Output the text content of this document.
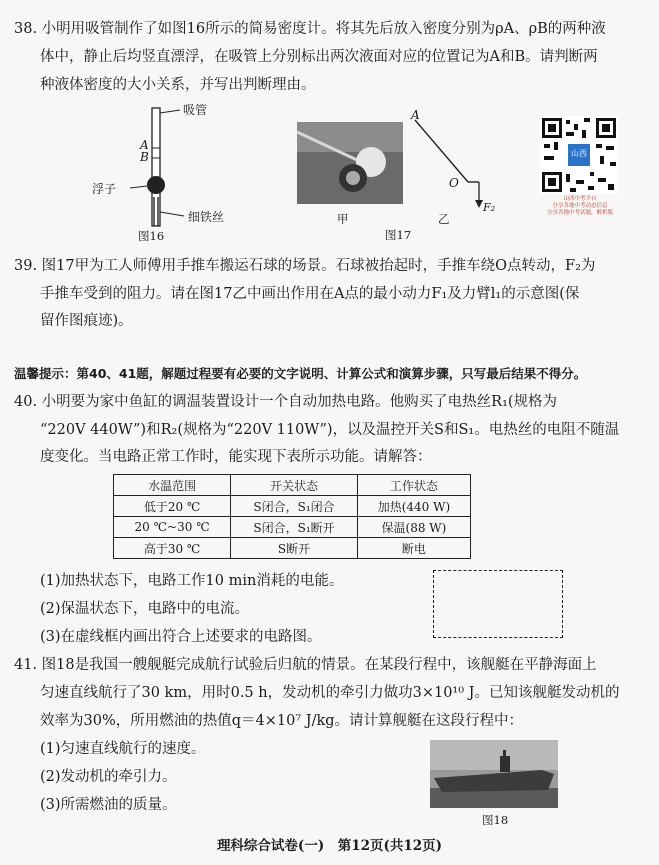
38. 小明用吸管制作了如图16所示的简易密度计。将其先后放入密度分别为ρA、ρB的两种液
体中，静止后均竖直漂浮，在吸管上分别标出两次液面对应的位置记为A和B。请判断两
种液体密度的大小关系，并写出判断理由。
吸管
A
B
浮子
细铁丝
图16
甲
A
O
F₂
乙
图17
山西
山西中考平台
分享各地中考动态信息
分享各地中考试题，解析版
39. 图17甲为工人师傅用手推车搬运石球的场景。石球被抬起时，手推车绕O点转动，F₂为
手推车受到的阻力。请在图17乙中画出作用在A点的最小动力F₁及力臂l₁的示意图(保
留作图痕迹)。
温馨提示：第40、41题，解题过程要有必要的文字说明、计算公式和演算步骤，只写最后结果不得分。
40. 小明要为家中鱼缸的调温装置设计一个自动加热电路。他购买了电热丝R₁(规格为
“220V 440W”)和R₂(规格为“220V 110W”)，以及温控开关S和S₁。电热丝的电阻不随温
度变化。当电路正常工作时，能实现下表所示功能。请解答：
水温范围	开关状态	工作状态
低于20 ℃	S闭合，S₁闭合	加热(440 W)
20 ℃~30 ℃	S闭合，S₁断开	保温(88 W)
高于30 ℃	S断开	断电
(1)加热状态下，电路工作10 min消耗的电能。
(2)保温状态下，电路中的电流。
(3)在虚线框内画出符合上述要求的电路图。
41. 图18是我国一艘舰艇完成航行试验后归航的情景。在某段行程中，该舰艇在平静海面上
匀速直线航行了30 km，用时0.5 h，发动机的牵引力做功3×10¹⁰ J。已知该舰艇发动机的
效率为30%，所用燃油的热值q＝4×10⁷ J/kg。请计算舰艇在这段行程中：
(1)匀速直线航行的速度。
(2)发动机的牵引力。
(3)所需燃油的质量。
图18
理科综合试卷(一)　第12页(共12页)
